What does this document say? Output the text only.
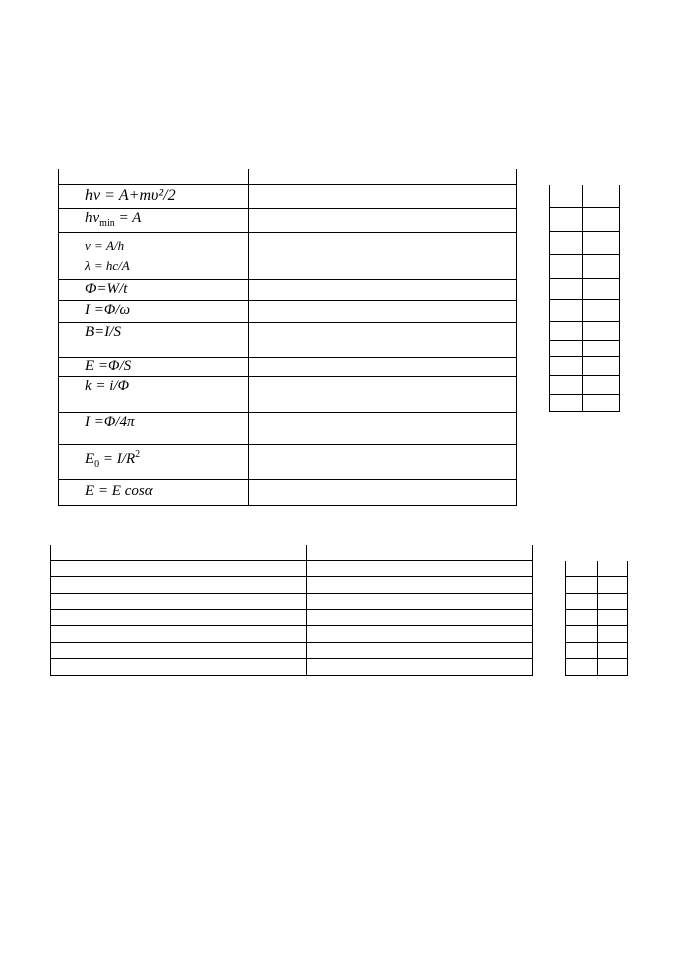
hν = A+mυ²/2
$h\nu_{min} = A$
ν = A/h
λ = hc/A
Φ=W/t
I =Φ/ω
B=I/S
E =Φ/S
k = i/Φ
I =Φ/4π
$E_0 = I/R^2$
E = E cosα
